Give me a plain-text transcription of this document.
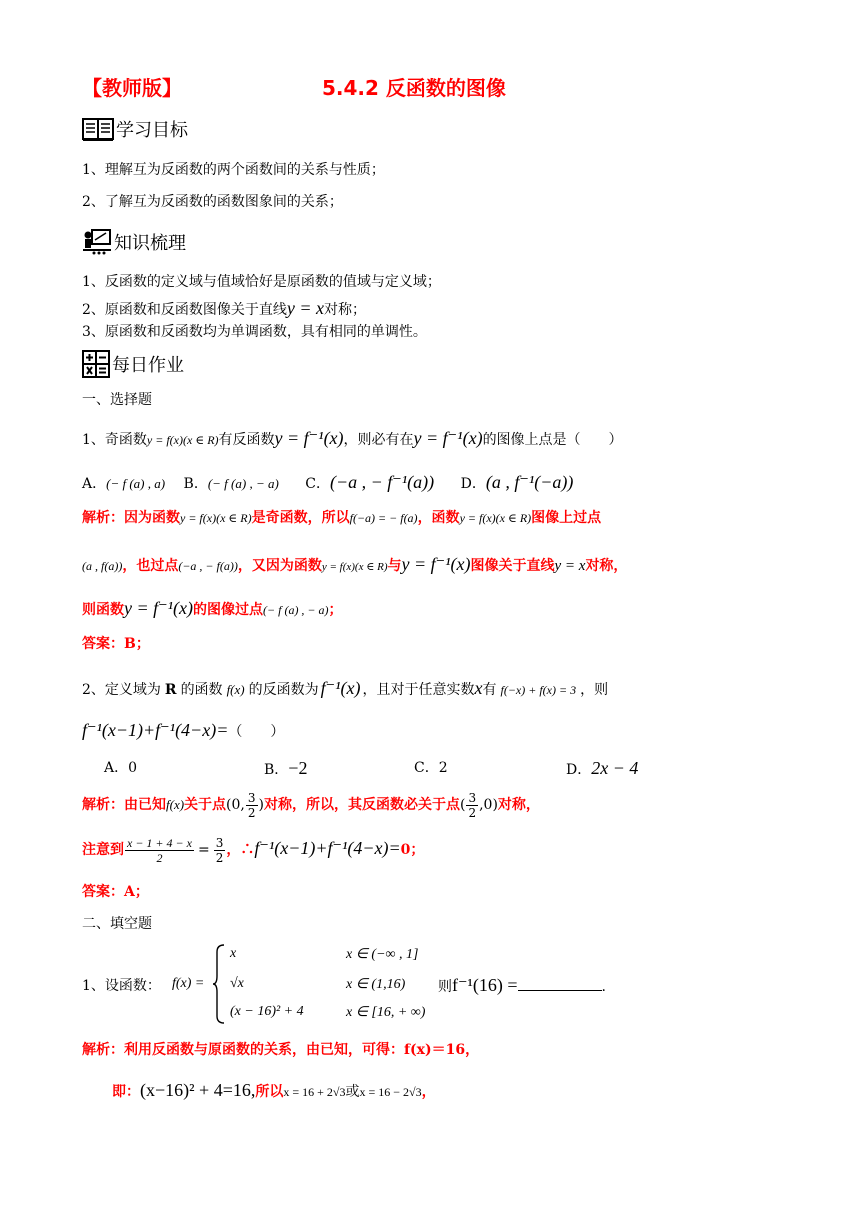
【教师版】	5.4.2 反函数的图像
学习目标
1、理解互为反函数的两个函数间的关系与性质；
2、了解互为反函数的函数图象间的关系；
知识梳理
1、反函数的定义域与值域恰好是原函数的值域与定义域；
2、原函数和反函数图像关于直线y = x对称；
3、原函数和反函数均为单调函数，具有相同的单调性。
每日作业
一、选择题
1、奇函数y = f(x)(x ∈ R)有反函数y = f⁻¹(x)，则必有在y = f⁻¹(x)的图像上点是（　　）
A．(− f (a) , a) B．(− f (a) , − a) C．(−a , − f⁻¹(a)) D．(a , f⁻¹(−a))
解析：因为函数y = f(x)(x ∈ R)是奇函数，所以f(−a) = − f(a)，函数y = f(x)(x ∈ R)图像上过点
(a , f(a))，也过点(−a , − f(a))，又因为函数y = f(x)(x ∈ R)与y = f⁻¹(x)图像关于直线y = x对称，
则函数y = f⁻¹(x)的图像过点(− f (a) , − a)；
答案：B；
2、定义域为 R 的函数 f(x) 的反函数为 f⁻¹(x) ，且对于任意实数x有 f(−x) + f(x) = 3 ，则
f⁻¹(x−1)+f⁻¹(4−x)=（　　）
A．0	B．−2	C．2	D．2x − 4
解析：由已知f(x)关于点(0, $\frac{3}{2}$ )对称，所以，其反函数必关于点( $\frac{3}{2} ,0$)对称，
注意到 $\frac{x - 1 + 4 - x}{2} = \frac{3}{2}$ ，∴f⁻¹(x−1)+f⁻¹(4−x)=0；
答案：A；
二、填空题
1、设函数： f(x) =
x	x ∈ (−∞ , 1]
√x	x ∈ (1,16)
(x − 16)² + 4	x ∈ [16, + ∞)
则f⁻¹(16) =	.
解析：利用反函数与原函数的关系，由已知，可得：f(x)＝16，
即：(x−16)² + 4=16,所以x = 16 + 2√3或x = 16 − 2√3，
